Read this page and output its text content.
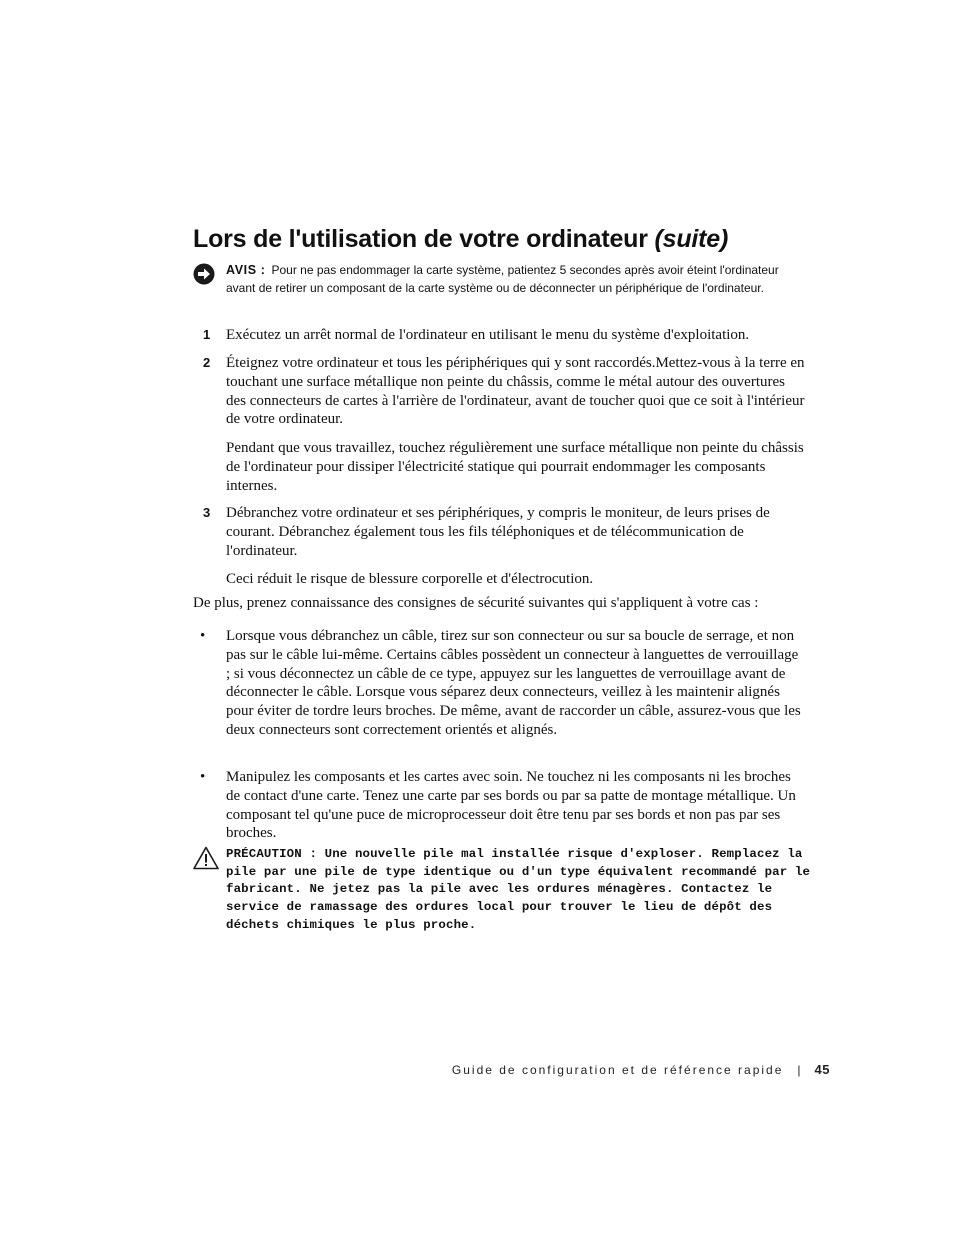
Lors de l'utilisation de votre ordinateur (suite)
AVIS : Pour ne pas endommager la carte système, patientez 5 secondes après avoir éteint l'ordinateur avant de retirer un composant de la carte système ou de déconnecter un périphérique de l'ordinateur.
1	Exécutez un arrêt normal de l'ordinateur en utilisant le menu du système d'exploitation.
2	Éteignez votre ordinateur et tous les périphériques qui y sont raccordés.Mettez-vous à la terre en touchant une surface métallique non peinte du châssis, comme le métal autour des ouvertures des connecteurs de cartes à l'arrière de l'ordinateur, avant de toucher quoi que ce soit à l'intérieur de votre ordinateur.

Pendant que vous travaillez, touchez régulièrement une surface métallique non peinte du châssis de l'ordinateur pour dissiper l'électricité statique qui pourrait endommager les composants internes.

3	Débranchez votre ordinateur et ses périphériques, y compris le moniteur, de leurs prises de courant. Débranchez également tous les fils téléphoniques et de télécommunication de l'ordinateur.

Ceci réduit le risque de blessure corporelle et d'électrocution.

De plus, prenez connaissance des consignes de sécurité suivantes qui s'appliquent à votre cas :

•	Lorsque vous débranchez un câble, tirez sur son connecteur ou sur sa boucle de serrage, et non pas sur le câble lui-même. Certains câbles possèdent un connecteur à languettes de verrouillage ; si vous déconnectez un câble de ce type, appuyez sur les languettes de verrouillage avant de déconnecter le câble. Lorsque vous séparez deux connecteurs, veillez à les maintenir alignés pour éviter de tordre leurs broches. De même, avant de raccorder un câble, assurez-vous que les deux connecteurs sont correctement orientés et alignés.
•	Manipulez les composants et les cartes avec soin. Ne touchez ni les composants ni les broches de contact d'une carte. Tenez une carte par ses bords ou par sa patte de montage métallique. Un composant tel qu'une puce de microprocesseur doit être tenu par ses bords et non pas par ses broches.
PRÉCAUTION : Une nouvelle pile mal installée risque d'exploser. Remplacez la pile par une pile de type identique ou d'un type équivalent recommandé par le fabricant. Ne jetez pas la pile avec les ordures ménagères. Contactez le service de ramassage des ordures local pour trouver le lieu de dépôt des déchets chimiques le plus proche.
Guide de configuration et de référence rapide | 45
